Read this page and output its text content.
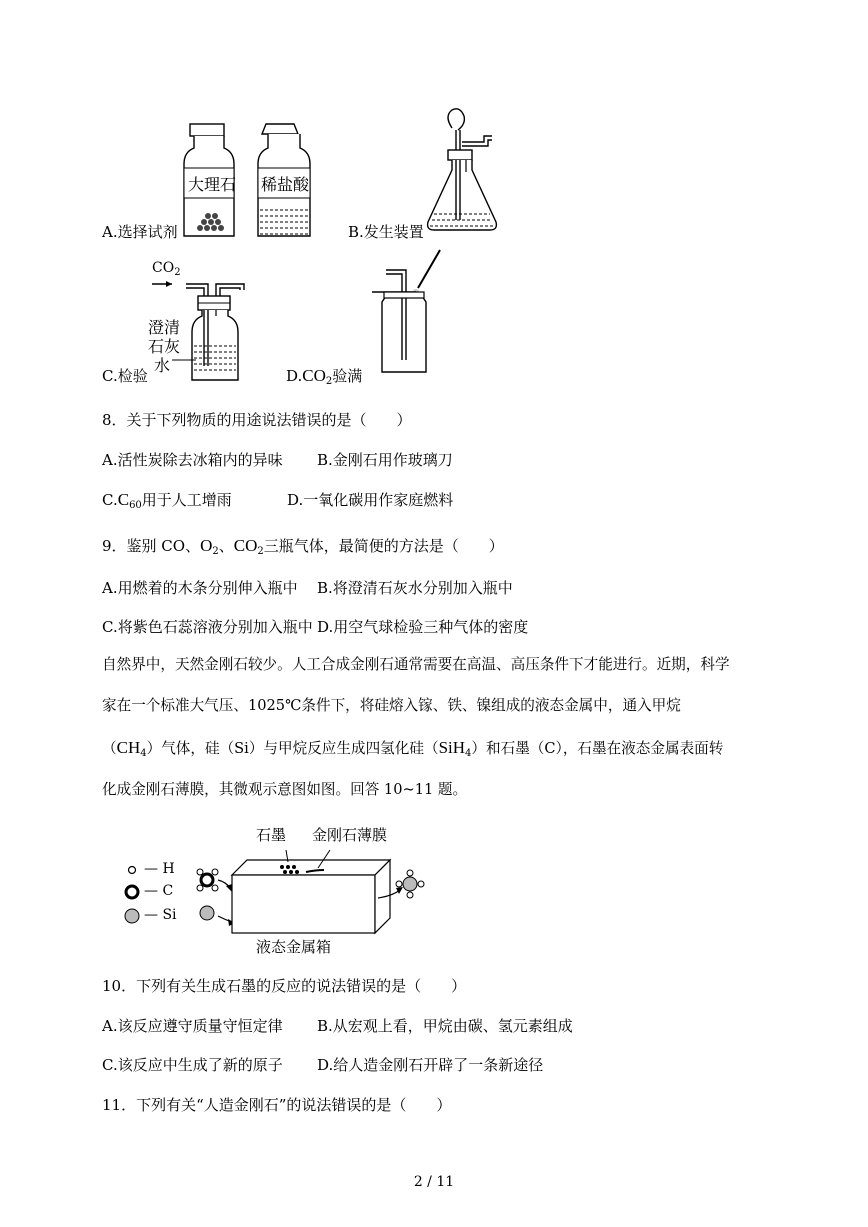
大理石 稀盐酸
A.选择试剂	B.发生装置
$CO_2$
澄清
石灰
水
C.检验	$D.CO_2$验满
8．关于下列物质的用途说法错误的是（　　）
A.活性炭除去冰箱内的异味 B.金刚石用作玻璃刀
$C.C_{60}$用于人工增雨	D.一氧化碳用作家庭燃料
9．鉴别 CO、$O_2$、$CO_2$三瓶气体，最简便的方法是（　　）
A.用燃着的木条分别伸入瓶中 B.将澄清石灰水分别加入瓶中
C.将紫色石蕊溶液分别加入瓶中 D.用空气球检验三种气体的密度
自然界中，天然金刚石较少。人工合成金刚石通常需要在高温、高压条件下才能进行。近期，科学
家在一个标准大气压、1025℃条件下，将硅熔入镓、铁、镍组成的液态金属中，通入甲烷
$(CH_4)$气体，硅（Si）与甲烷反应生成四氢化硅（SiH$_4$）和石墨（C），石墨在液态金属表面转
化成金刚石薄膜，其微观示意图如图。回答 10~11 题。
— H
— C
— Si
石墨 金刚石薄膜
液态金属箱
10．下列有关生成石墨的反应的说法错误的是（　　）
A.该反应遵守质量守恒定律 B.从宏观上看，甲烷由碳、氢元素组成
C.该反应中生成了新的原子 D.给人造金刚石开辟了一条新途径
11．下列有关“人造金刚石”的说法错误的是（　　）
2 / 11
